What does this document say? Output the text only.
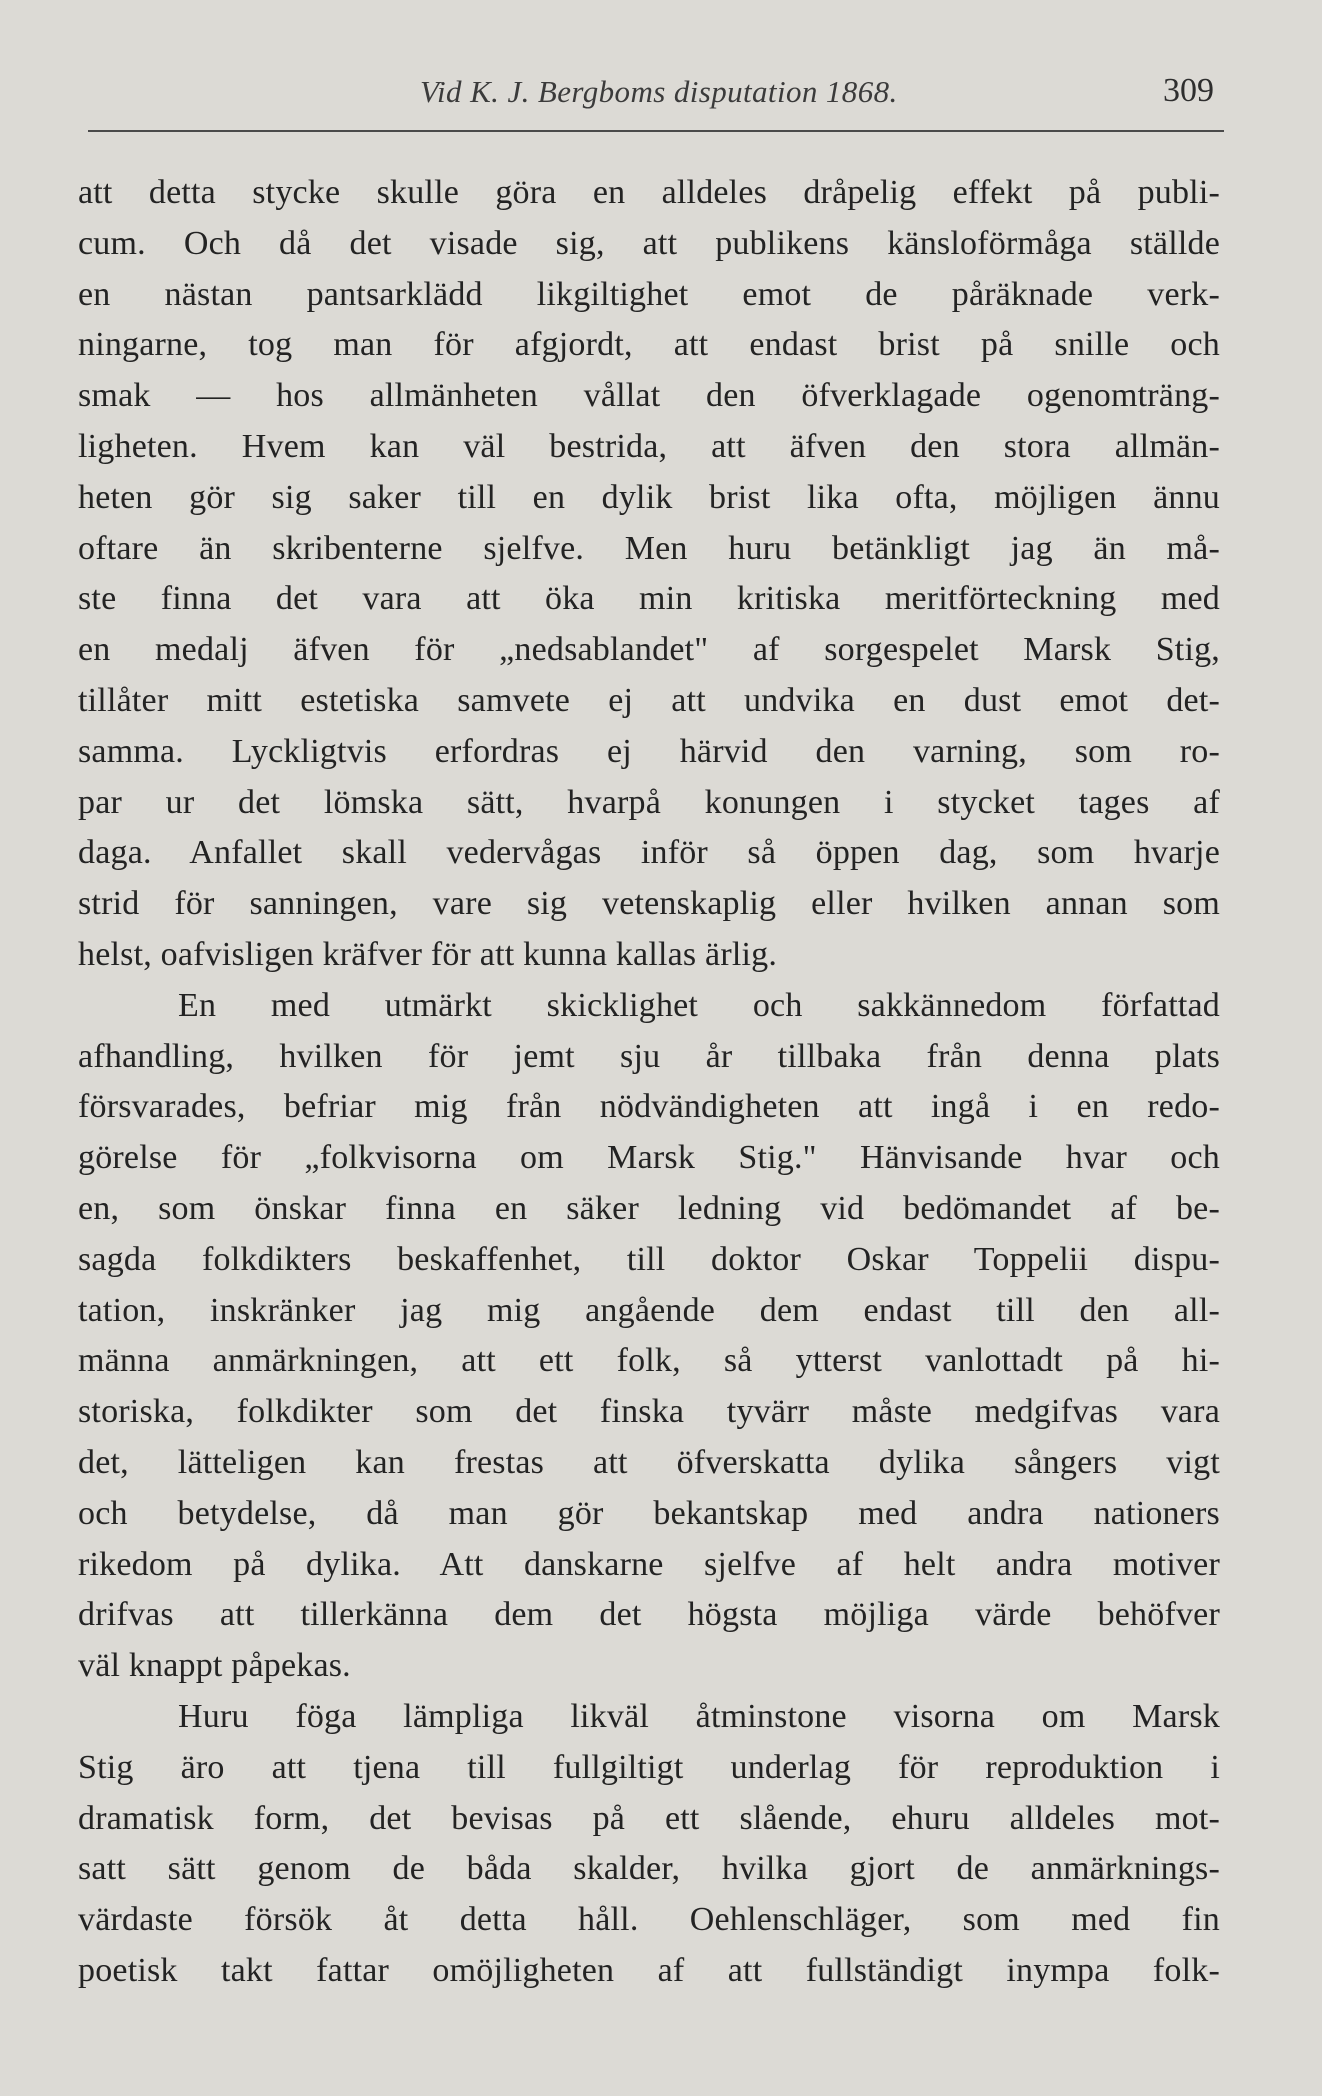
Vid K. J. Bergboms disputation 1868.	309
att detta stycke skulle göra en alldeles dråpelig effekt på publi-
cum. Och då det visade sig, att publikens känsloförmåga ställde
en nästan pantsarklädd likgiltighet emot de påräknade verk-
ningarne, tog man för afgjordt, att endast brist på snille och
smak — hos allmänheten vållat den öfverklagade ogenomträng-
ligheten. Hvem kan väl bestrida, att äfven den stora allmän-
heten gör sig saker till en dylik brist lika ofta, möjligen ännu
oftare än skribenterne sjelfve. Men huru betänkligt jag än må-
ste finna det vara att öka min kritiska meritförteckning med
en medalj äfven för „nedsablandet" af sorgespelet Marsk Stig,
tillåter mitt estetiska samvete ej att undvika en dust emot det-
samma. Lyckligtvis erfordras ej härvid den varning, som ro-
par ur det lömska sätt, hvarpå konungen i stycket tages af
daga. Anfallet skall vedervågas inför så öppen dag, som hvarje
strid för sanningen, vare sig vetenskaplig eller hvilken annan som
helst, oafvisligen kräfver för att kunna kallas ärlig.
En med utmärkt skicklighet och sakkännedom författad
afhandling, hvilken för jemt sju år tillbaka från denna plats
försvarades, befriar mig från nödvändigheten att ingå i en redo-
görelse för „folkvisorna om Marsk Stig." Hänvisande hvar och
en, som önskar finna en säker ledning vid bedömandet af be-
sagda folkdikters beskaffenhet, till doktor Oskar Toppelii dispu-
tation, inskränker jag mig angående dem endast till den all-
männa anmärkningen, att ett folk, så ytterst vanlottadt på hi-
storiska, folkdikter som det finska tyvärr måste medgifvas vara
det, lätteligen kan frestas att öfverskatta dylika sångers vigt
och betydelse, då man gör bekantskap med andra nationers
rikedom på dylika. Att danskarne sjelfve af helt andra motiver
drifvas att tillerkänna dem det högsta möjliga värde behöfver
väl knappt påpekas.
Huru föga lämpliga likväl åtminstone visorna om Marsk
Stig äro att tjena till fullgiltigt underlag för reproduktion i
dramatisk form, det bevisas på ett slående, ehuru alldeles mot-
satt sätt genom de båda skalder, hvilka gjort de anmärknings-
värdaste försök åt detta håll. Oehlenschläger, som med fin
poetisk takt fattar omöjligheten af att fullständigt inympa folk-
